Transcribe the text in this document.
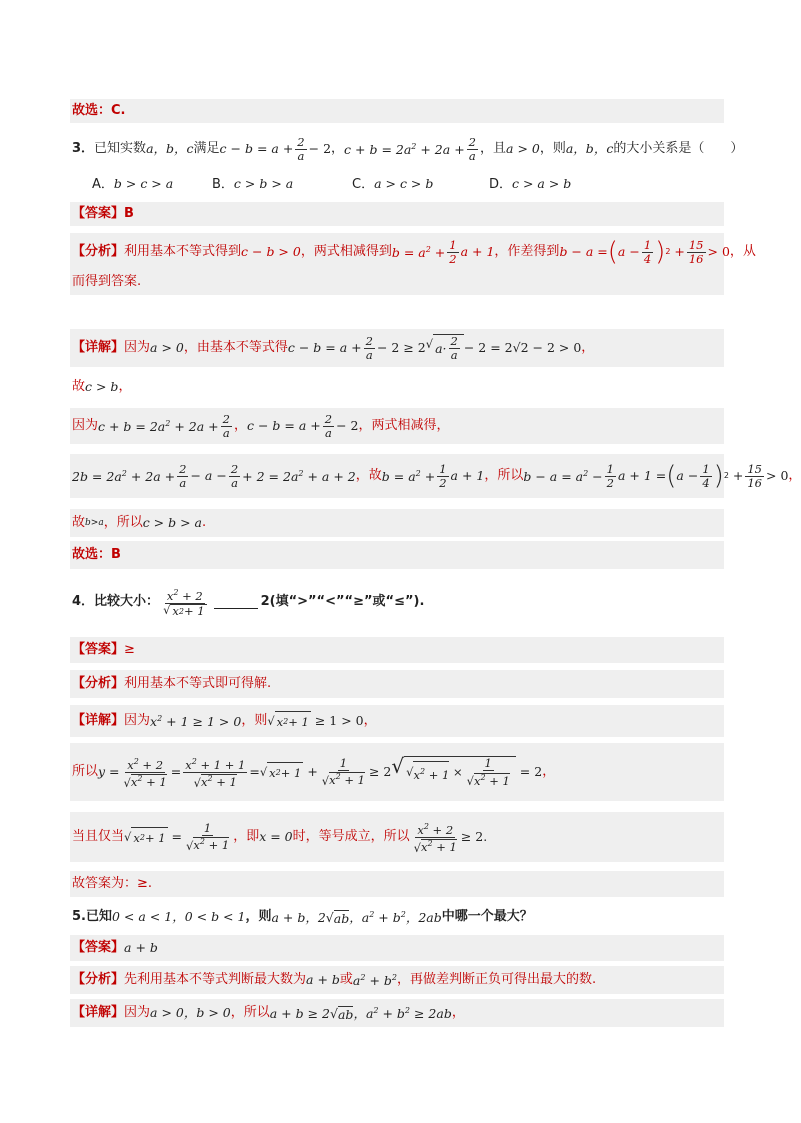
故选： C.
3． 已知实数 a，b，c 满足 $c - b = a + \frac{2}{a} - 2$ ， $c + b = 2a^2 + 2a + \frac{2}{a}$ ，且 a > 0 ，则 a，b，c 的大小关系是（　　）
A．b > c > a	B．c > b > a	C．a > c > b	D．c > a > b
【答案】 B
【分析】 利用基本不等式得到 c − b > 0 ，两式相减得到 $b = a^2 + \frac{1}{2}$ a + 1 ，作差得到 b − a = ( $a - \frac{1}{4}$ ) $2 + \frac{15}{16} > 0$ ，从
而得到答案.
【详解】 因为 a > 0 ，由基本不等式得 $c - b = a + \frac{2}{a} - 2 \ge 2$ √ $a\cdot \frac{2}{a} - 2 = 2√2 - 2 > 0$ ，
故 c > b ，
因为 $c + b = 2a^2 + 2a + \frac{2}{a}$ ， $c - b = a + \frac{2}{a} - 2$ ，两式相减得，
$2b = 2a^2 + 2a + \frac{2}{a} - a - \frac{2}{a} + 2 = 2a^2 + a + 2$ ，故 $b = a^2 + \frac{1}{2}$ a + 1 ，所以 $b - a = a^2 - \frac{1}{2}$ a + 1 = ( $a - \frac{1}{4}$ ) $2 + \frac{15}{16} > 0$ ，
故 b>a ，所以 c > b > a .
故选： B
4． 比较大小： $\frac{x^2 + 2}{√ x 2 + 1}$	2(填“>”“<”“≥”或“≤”).
【答案】 ≥
【分析】 利用基本不等式即可得解.
【详解】 因为 $x^2 + 1 \ge 1 > 0$ ，则 √ x 2 + 1 ≥ 1 > 0 ，
所以 $y = \frac{x^2 + 2}{√x^2 + 1} = \frac{x^2 + 1 + 1}{√x^2 + 1}$ = √ x $2 + 1 + \frac{1}{√x^2 + 1} \ge 2$ √ √ $x^2 + 1 \times \frac{1}{√x^2 + 1} = 2$ ，
当且仅当 √ x $2 + 1 = \frac{1}{√x^2 + 1}$ ，即 x = 0 时，等号成立，所以 $\frac{x^2 + 2}{√x^2 + 1} \ge 2$.
故答案为：≥.
5. 已知 0 < a < 1，0 < b < 1 ，则 a + b，2√ab，$a^2 + b^2$，2ab 中哪一个最大？
【答案】 a + b
【分析】 先利用基本不等式判断最大数为 a + b 或 $a^2 + b^2$ ，再做差判断正负可得出最大的数.
【详解】 因为 a > 0，b > 0 ，所以 a + b ≥ 2√ab，$a^2 + b^2 \ge 2ab$ ，
